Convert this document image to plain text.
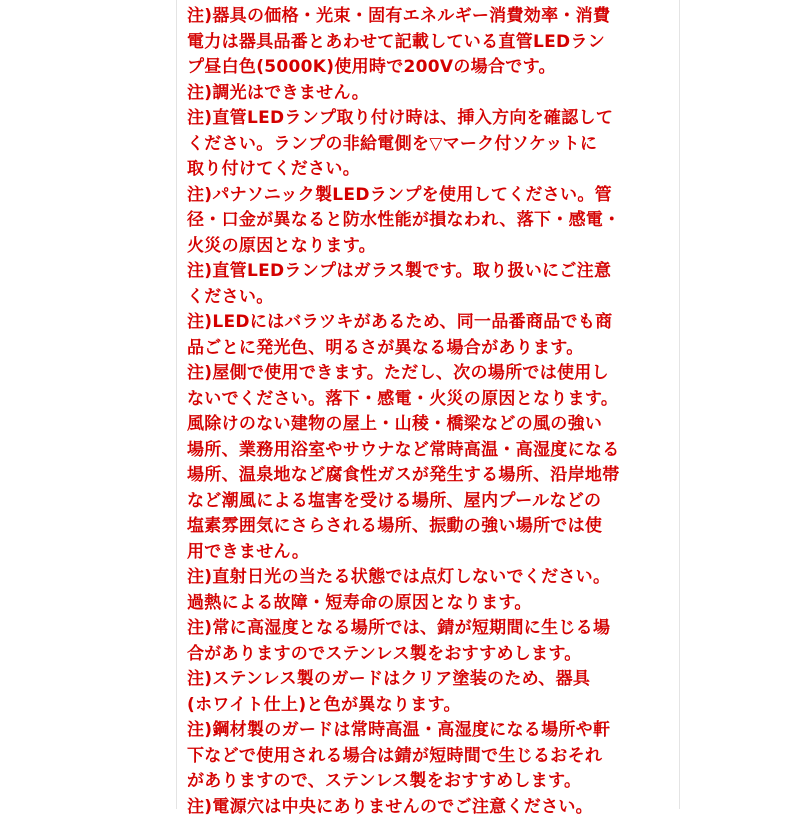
注)器具の価格・光束・固有エネルギー消費効率・消費
電力は器具品番とあわせて記載している直管LEDラン
プ昼白色(5000K)使用時で200Vの場合です。
注)調光はできません。
注)直管LEDランプ取り付け時は、挿入方向を確認して
ください。ランプの非給電側を▽マーク付ソケットに
取り付けてください。
注)パナソニック製LEDランプを使用してください。管
径・口金が異なると防水性能が損なわれ、落下・感電・
火災の原因となります。
注)直管LEDランプはガラス製です。取り扱いにご注意
ください。
注)LEDにはバラツキがあるため、同一品番商品でも商
品ごとに発光色、明るさが異なる場合があります。
注)屋側で使用できます。ただし、次の場所では使用し
ないでください。落下・感電・火災の原因となります。
風除けのない建物の屋上・山稜・橋梁などの風の強い
場所、業務用浴室やサウナなど常時高温・高湿度になる
場所、温泉地など腐食性ガスが発生する場所、沿岸地帯
など潮風による塩害を受ける場所、屋内プールなどの
塩素雰囲気にさらされる場所、振動の強い場所では使
用できません。
注)直射日光の当たる状態では点灯しないでください。
過熱による故障・短寿命の原因となります。
注)常に高湿度となる場所では、錆が短期間に生じる場
合がありますのでステンレス製をおすすめします。
注)ステンレス製のガードはクリア塗装のため、器具
(ホワイト仕上)と色が異なります。
注)鋼材製のガードは常時高温・高湿度になる場所や軒
下などで使用される場合は錆が短時間で生じるおそれ
がありますので、ステンレス製をおすすめします。
注)電源穴は中央にありませんのでご注意ください。
